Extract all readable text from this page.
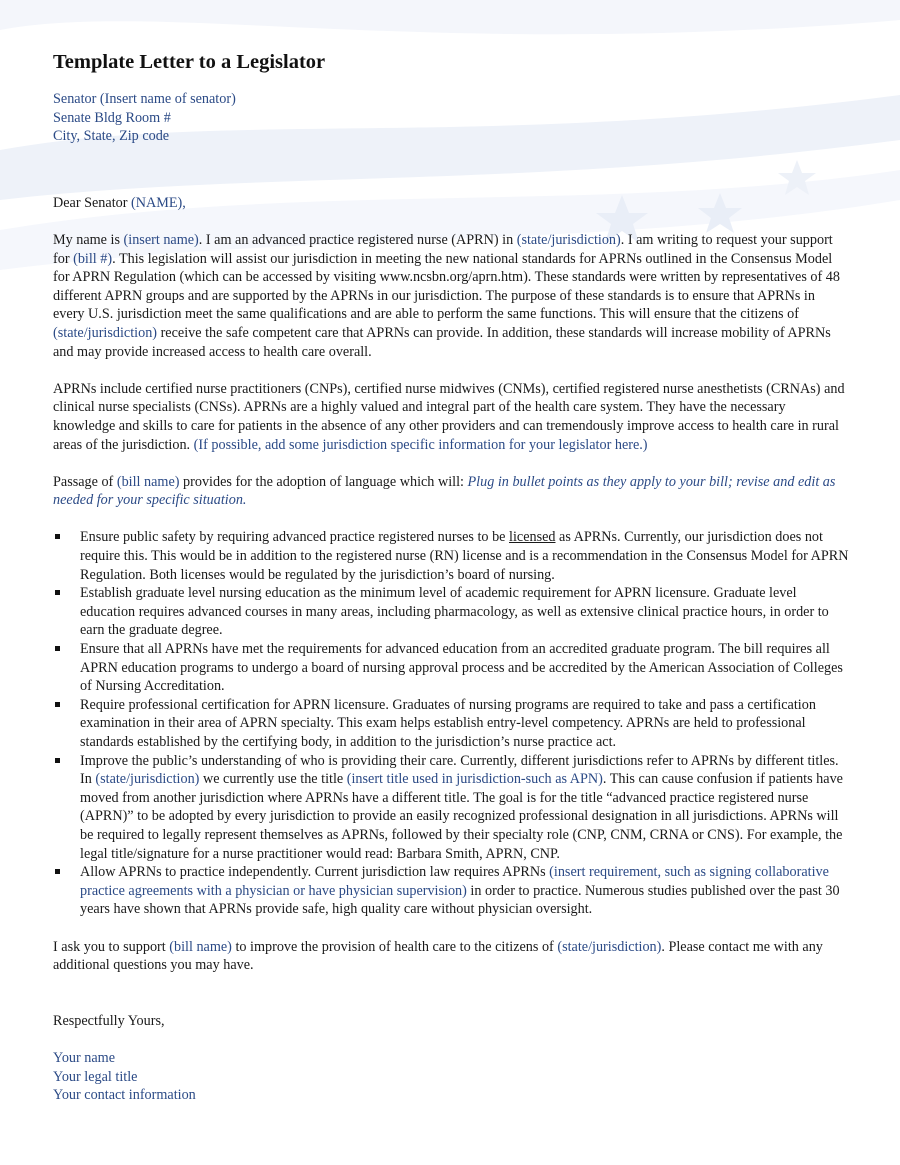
Template Letter to a Legislator
Senator (Insert name of senator)
Senate Bldg Room #
City, State, Zip code

Dear Senator (NAME),

My name is (insert name). I am an advanced practice registered nurse (APRN) in (state/jurisdiction). I am writing to request your support for (bill #). This legislation will assist our jurisdiction in meeting the new national standards for APRNs outlined in the Consensus Model for APRN Regulation (which can be accessed by visiting www.ncsbn.org/aprn.htm). These standards were written by representatives of 48 different APRN groups and are supported by the APRNs in our jurisdiction. The purpose of these standards is to ensure that APRNs in every U.S. jurisdiction meet the same qualifications and are able to perform the same functions. This will ensure that the citizens of (state/jurisdiction) receive the safe competent care that APRNs can provide. In addition, these standards will increase mobility of APRNs and may provide increased access to health care overall.

APRNs include certified nurse practitioners (CNPs), certified nurse midwives (CNMs), certified registered nurse anesthetists (CRNAs) and clinical nurse specialists (CNSs). APRNs are a highly valued and integral part of the health care system. They have the necessary knowledge and skills to care for patients in the absence of any other providers and can tremendously improve access to health care in rural areas of the jurisdiction. (If possible, add some jurisdiction specific information for your legislator here.)

Passage of (bill name) provides for the adoption of language which will: Plug in bullet points as they apply to your bill; revise and edit as needed for your specific situation.

Ensure public safety by requiring advanced practice registered nurses to be licensed as APRNs. Currently, our jurisdiction does not require this. This would be in addition to the registered nurse (RN) license and is a recommendation in the Consensus Model for APRN Regulation. Both licenses would be regulated by the jurisdiction’s board of nursing.
Establish graduate level nursing education as the minimum level of academic requirement for APRN licensure. Graduate level education requires advanced courses in many areas, including pharmacology, as well as extensive clinical practice hours, in order to earn the graduate degree.
Ensure that all APRNs have met the requirements for advanced education from an accredited graduate program. The bill requires all APRN education programs to undergo a board of nursing approval process and be accredited by the American Association of Colleges of Nursing Accreditation.
Require professional certification for APRN licensure. Graduates of nursing programs are required to take and pass a certification examination in their area of APRN specialty. This exam helps establish entry-level competency. APRNs are held to professional standards established by the certifying body, in addition to the jurisdiction’s nurse practice act.
Improve the public’s understanding of who is providing their care. Currently, different jurisdictions refer to APRNs by different titles. In (state/jurisdiction) we currently use the title (insert title used in jurisdiction-such as APN). This can cause confusion if patients have moved from another jurisdiction where APRNs have a different title. The goal is for the title “advanced practice registered nurse (APRN)” to be adopted by every jurisdiction to provide an easily recognized professional designation in all jurisdictions. APRNs will be required to legally represent themselves as APRNs, followed by their specialty role (CNP, CNM, CRNA or CNS). For example, the legal title/signature for a nurse practitioner would read: Barbara Smith, APRN, CNP.
Allow APRNs to practice independently. Current jurisdiction law requires APRNs (insert requirement, such as signing collaborative practice agreements with a physician or have physician supervision) in order to practice. Numerous studies published over the past 30 years have shown that APRNs provide safe, high quality care without physician oversight.

I ask you to support (bill name) to improve the provision of health care to the citizens of (state/jurisdiction). Please contact me with any additional questions you may have.

Respectfully Yours,

Your name

Your legal title

Your contact information
